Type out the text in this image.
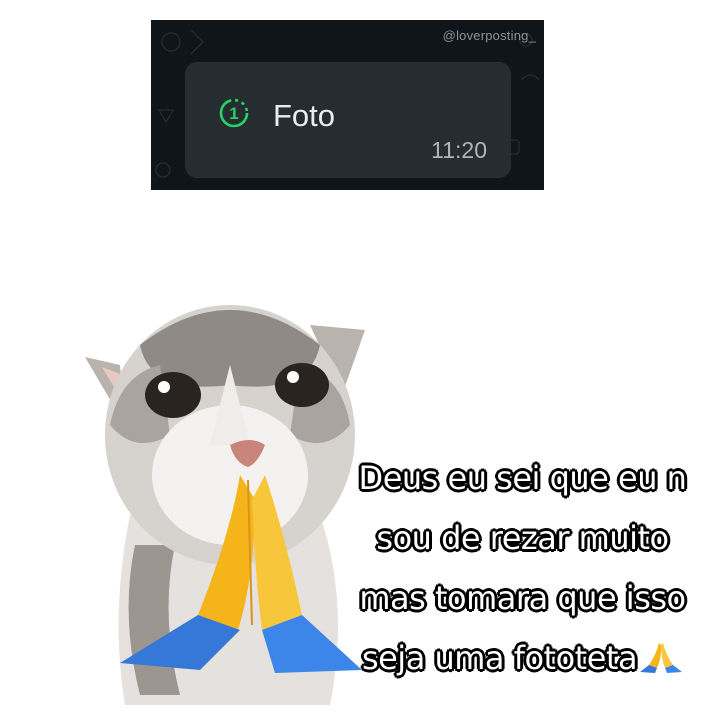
@loverposting_
1 Foto
11:20
Deus eu sei que eu n
sou de rezar muito
mas tomara que isso
seja uma fototeta
